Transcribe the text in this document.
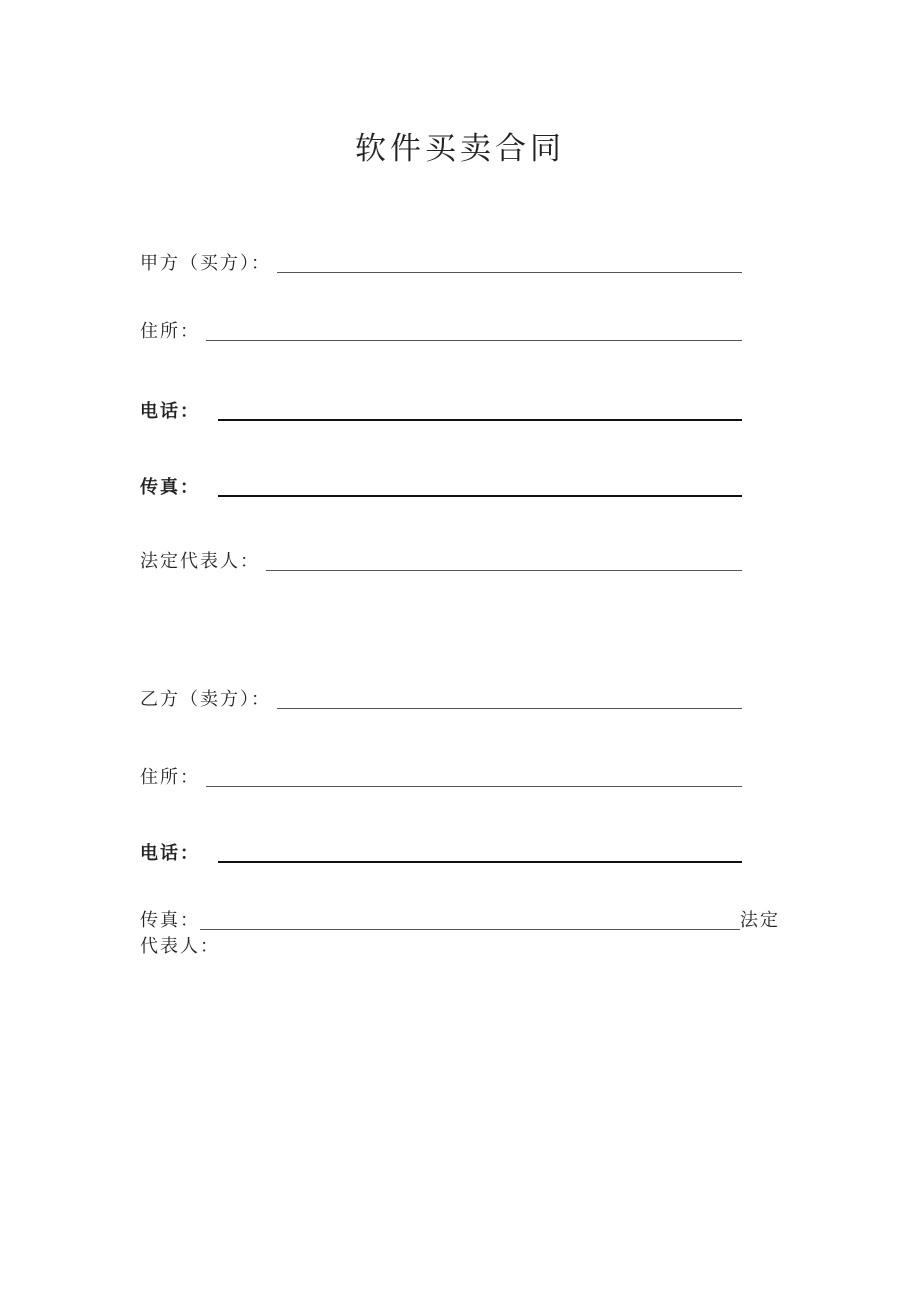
软件买卖合同
甲方（买方）：
住所：
电话：
传真：
法定代表人：
乙方（卖方）：
住所：
电话：
传真：	法定
代表人：
